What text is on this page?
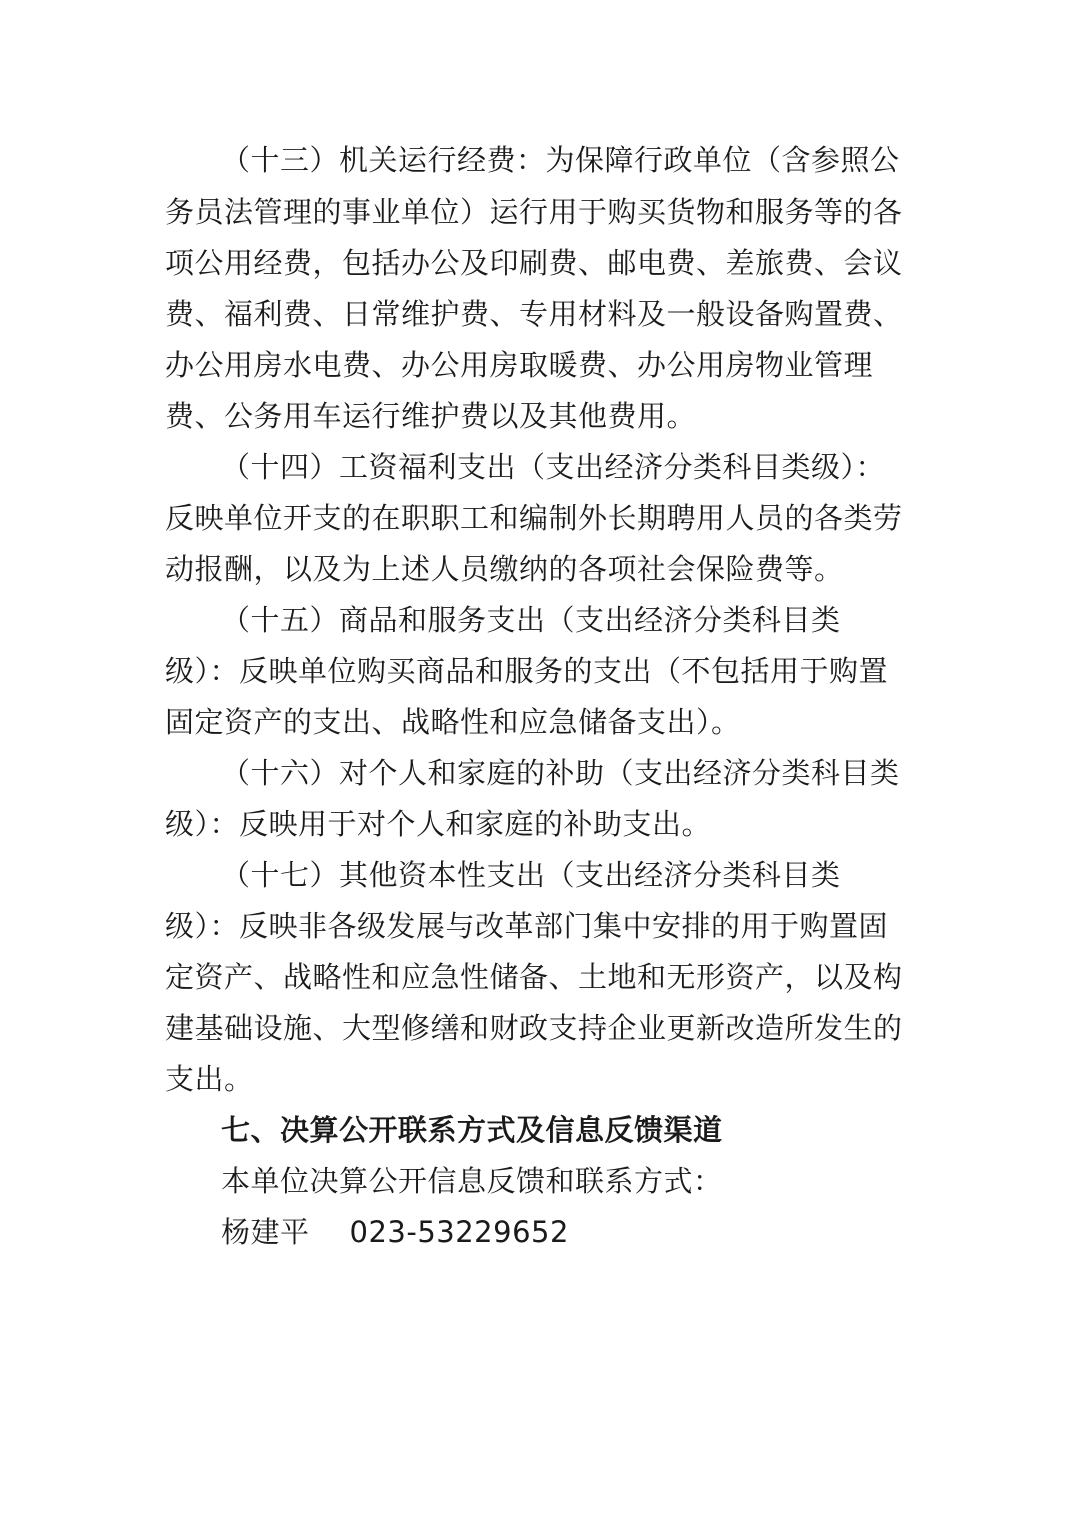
（十三）机关运行经费：为保障行政单位（含参照公
务员法管理的事业单位）运行用于购买货物和服务等的各
项公用经费，包括办公及印刷费、邮电费、差旅费、会议
费、福利费、日常维护费、专用材料及一般设备购置费、
办公用房水电费、办公用房取暖费、办公用房物业管理
费、公务用车运行维护费以及其他费用。
（十四）工资福利支出（支出经济分类科目类级）：
反映单位开支的在职职工和编制外长期聘用人员的各类劳
动报酬，以及为上述人员缴纳的各项社会保险费等。
（十五）商品和服务支出（支出经济分类科目类
级）：反映单位购买商品和服务的支出（不包括用于购置
固定资产的支出、战略性和应急储备支出）。
（十六）对个人和家庭的补助（支出经济分类科目类
级）：反映用于对个人和家庭的补助支出。
（十七）其他资本性支出（支出经济分类科目类
级）：反映非各级发展与改革部门集中安排的用于购置固
定资产、战略性和应急性储备、土地和无形资产，以及构
建基础设施、大型修缮和财政支持企业更新改造所发生的
支出。
七、决算公开联系方式及信息反馈渠道
本单位决算公开信息反馈和联系方式：
杨建平 023-53229652
